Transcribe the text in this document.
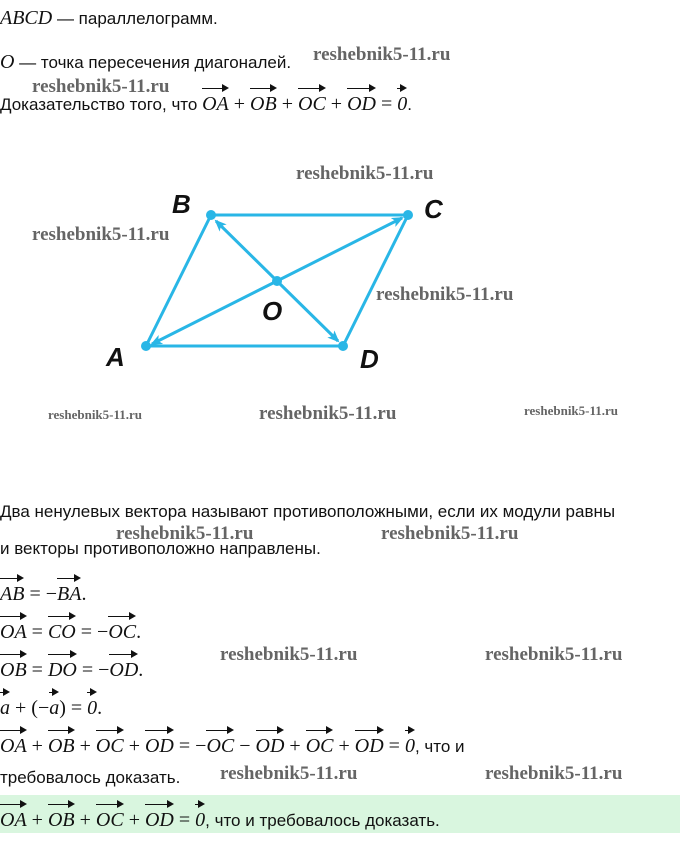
ABCD — параллелограмм.
O — точка пересечения диагоналей.
Доказательство того, что OA + OB + OC + OD = 0.
A
B	C
D
O
Два ненулевых вектора называют противоположными, если их модули равны
и векторы противоположно направлены.
AB = −BA.
OA = CO = −OC.
OB = DO = −OD.
a + (−a) = 0.
OA + OB + OC + OD = −OC − OD + OC + OD = 0, что и
требовалось доказать.
OA + OB + OC + OD = 0, что и требовалось доказать.
reshebnik5-11.ru
reshebnik5-11.ru
reshebnik5-11.ru
reshebnik5-11.ru
reshebnik5-11.ru
reshebnik5-11.ru	reshebnik5-11.ru	reshebnik5-11.ru
reshebnik5-11.ru	reshebnik5-11.ru
reshebnik5-11.ru	reshebnik5-11.ru
reshebnik5-11.ru	reshebnik5-11.ru
